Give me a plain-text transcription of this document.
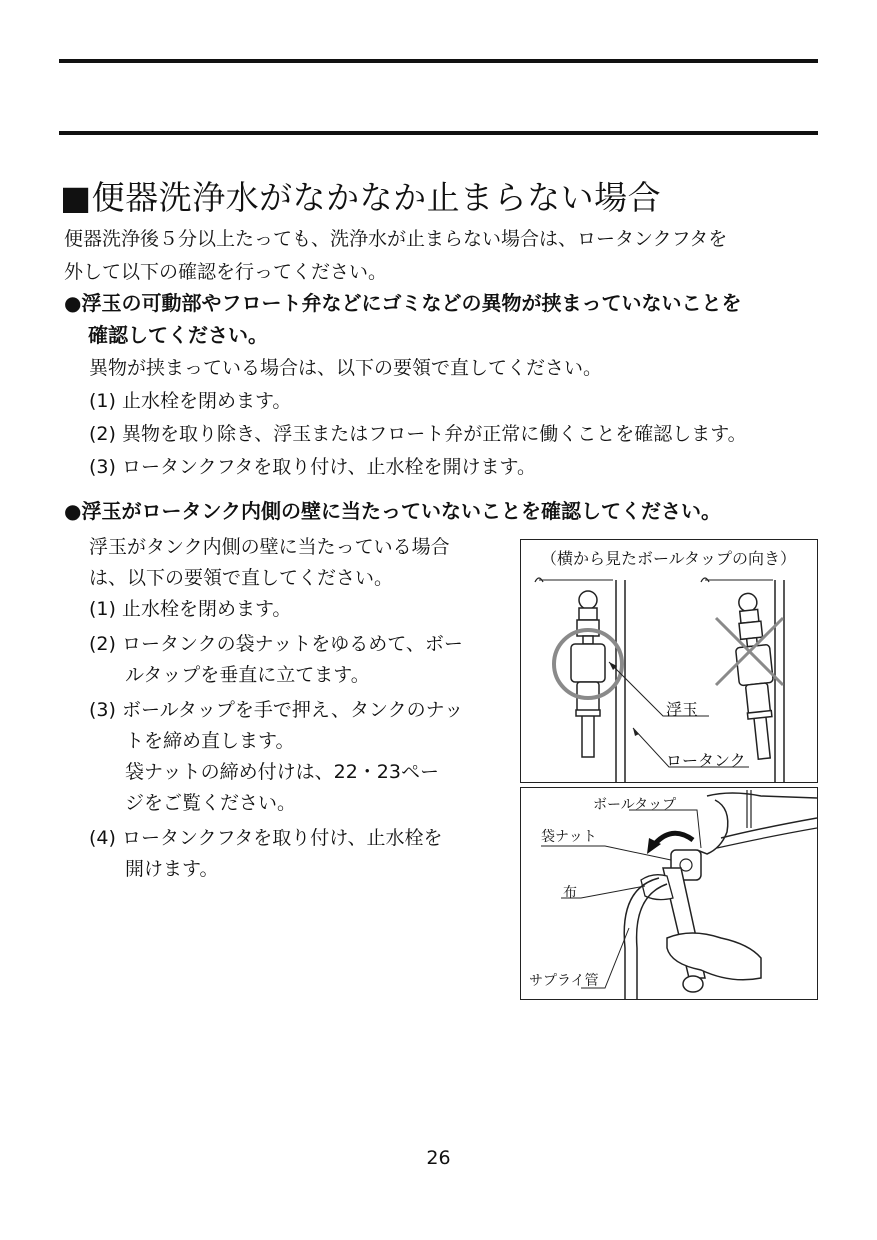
■便器洗浄水がなかなか止まらない場合
便器洗浄後５分以上たっても、洗浄水が止まらない場合は、ロータンクフタを
外して以下の確認を行ってください。
●浮玉の可動部やフロート弁などにゴミなどの異物が挟まっていないことを
確認してください。
異物が挟まっている場合は、以下の要領で直してください。
(1) 止水栓を閉めます。
(2) 異物を取り除き、浮玉またはフロート弁が正常に働くことを確認します。
(3) ロータンクフタを取り付け、止水栓を開けます。
●浮玉がロータンク内側の壁に当たっていないことを確認してください。
浮玉がタンク内側の壁に当たっている場合
は、以下の要領で直してください。
(1) 止水栓を閉めます。
(2) ロータンクの袋ナットをゆるめて、ボー
ルタップを垂直に立てます。
(3) ボールタップを手で押え、タンクのナッ
トを締め直します。
袋ナットの締め付けは、22・23ペー
ジをご覧ください。
(4) ロータンクフタを取り付け、止水栓を
開けます。
（横から見たボールタップの向き）
浮玉
ロータンク
ボールタップ
袋ナット
布
サプライ管
26
